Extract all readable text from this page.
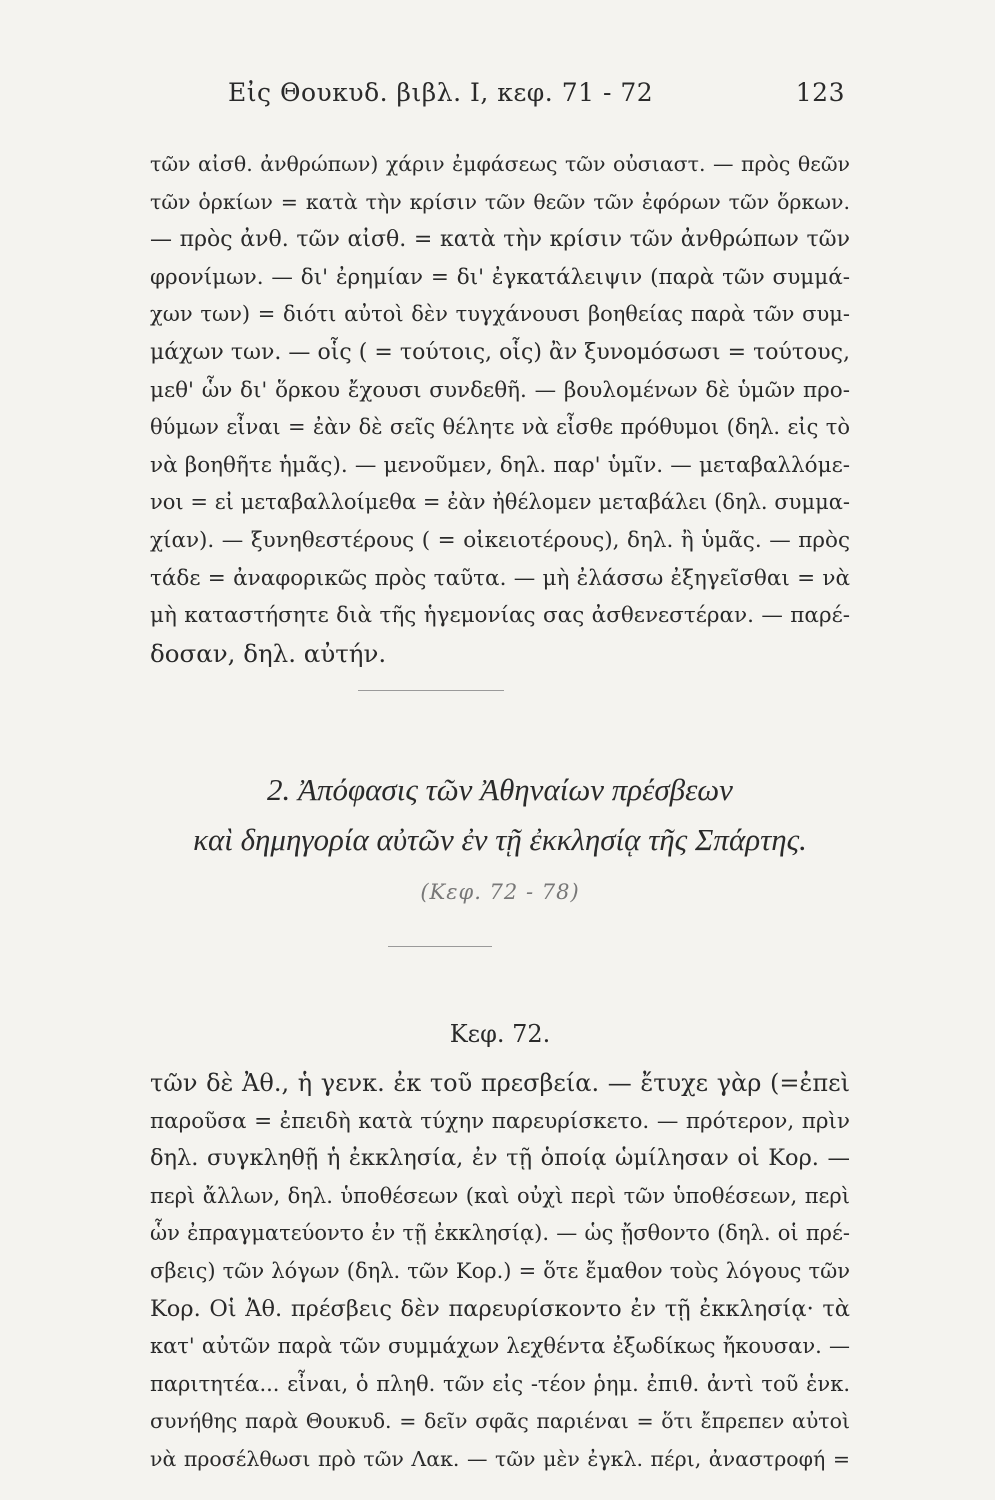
Εἰς Θουκυδ. βιβλ. Ι, κεφ. 71 - 72	123
τῶν αἰσθ. ἀνθρώπων) χάριν ἐμφάσεως τῶν οὐσιαστ. — πρὸς θεῶν
τῶν ὁρκίων = κατὰ τὴν κρίσιν τῶν θεῶν τῶν ἐφόρων τῶν ὅρκων.
— πρὸς ἀνθ. τῶν αἰσθ. = κατὰ τὴν κρίσιν τῶν ἀνθρώπων τῶν
φρονίμων. — δι' ἐρημίαν = δι' ἐγκατάλειψιν (παρὰ τῶν συμμά-
χων των) = διότι αὐτοὶ δὲν τυγχάνουσι βοηθείας παρὰ τῶν συμ-
μάχων των. — οἷς ( = τούτοις, οἷς) ἂν ξυνομόσωσι = τούτους,
μεθ' ὧν δι' ὅρκου ἔχουσι συνδεθῆ. — βουλομένων δὲ ὑμῶν προ-
θύμων εἶναι = ἐὰν δὲ σεῖς θέλητε νὰ εἶσθε πρόθυμοι (δηλ. εἰς τὸ
νὰ βοηθῆτε ἡμᾶς). — μενοῦμεν, δηλ. παρ' ὑμῖν. — μεταβαλλόμε-
νοι = εἰ μεταβαλλοίμεθα = ἐὰν ἠθέλομεν μεταβάλει (δηλ. συμμα-
χίαν). — ξυνηθεστέρους ( = οἰκειοτέρους), δηλ. ἢ ὑμᾶς. — πρὸς
τάδε = ἀναφορικῶς πρὸς ταῦτα. — μὴ ἐλάσσω ἐξηγεῖσθαι = νὰ
μὴ καταστήσητε διὰ τῆς ἡγεμονίας σας ἀσθενεστέραν. — παρέ-
δοσαν, δηλ. αὐτήν.
2. Ἀπόφασις τῶν Ἀθηναίων πρέσβεων
καὶ δημηγορία αὐτῶν ἐν τῇ ἐκκλησίᾳ τῆς Σπάρτης.
(Κεφ. 72 - 78)
Κεφ. 72.
τῶν δὲ Ἀθ., ἡ γενκ. ἐκ τοῦ πρεσβεία. — ἔτυχε γὰρ (=ἐπεὶ
παροῦσα = ἐπειδὴ κατὰ τύχην παρευρίσκετο. — πρότερον, πρὶν
δηλ. συγκληθῇ ἡ ἐκκλησία, ἐν τῇ ὁποίᾳ ὡμίλησαν οἱ Κορ. —
περὶ ἄλλων, δηλ. ὑποθέσεων (καὶ οὐχὶ περὶ τῶν ὑποθέσεων, περὶ
ὧν ἐπραγματεύοντο ἐν τῇ ἐκκλησίᾳ). — ὡς ᾔσθοντο (δηλ. οἱ πρέ-
σβεις) τῶν λόγων (δηλ. τῶν Κορ.) = ὅτε ἔμαθον τοὺς λόγους τῶν
Κορ. Οἱ Ἀθ. πρέσβεις δὲν παρευρίσκοντο ἐν τῇ ἐκκλησίᾳ· τὰ
κατ' αὐτῶν παρὰ τῶν συμμάχων λεχθέντα ἐξωδίκως ἤκουσαν. —
παριτητέα... εἶναι, ὁ πληθ. τῶν εἰς -τέον ῥημ. ἐπιθ. ἀντὶ τοῦ ἑνκ.
συνήθης παρὰ Θουκυδ. = δεῖν σφᾶς παριέναι = ὅτι ἔπρεπεν αὐτοὶ
νὰ προσέλθωσι πρὸ τῶν Λακ. — τῶν μὲν ἐγκλ. πέρι, ἀναστροφή =
